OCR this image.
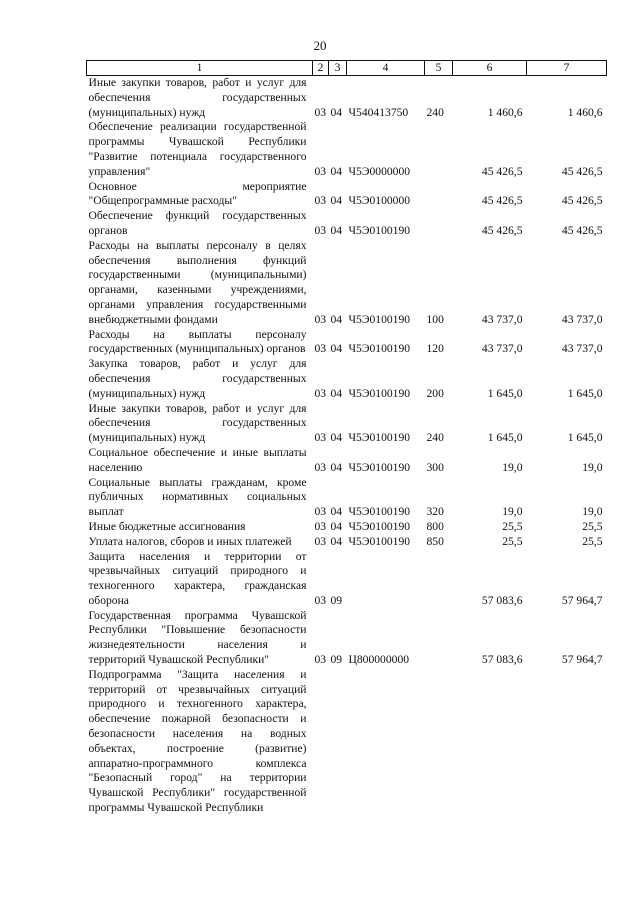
20
1	2	3	4	5	6	7
Иные закупки товаров, работ и услуг для обеспечения государственных (муниципальных) нужд	03	04	Ч540413750	240	1 460,6	1 460,6
Обеспечение реализации государственной программы Чувашской Республики "Развитие потенциала государственного управления"	03	04	Ч5Э0000000		45 426,5	45 426,5
Основное мероприятие "Общепрограммные расходы"	03	04	Ч5Э0100000		45 426,5	45 426,5
Обеспечение функций государственных органов	03	04	Ч5Э0100190		45 426,5	45 426,5
Расходы на выплаты персоналу в целях обеспечения выполнения функций государственными (муниципальными) органами, казенными учреждениями, органами управления государственными внебюджетными фондами	03	04	Ч5Э0100190	100	43 737,0	43 737,0
Расходы на выплаты персоналу государственных (муниципальных) органов	03	04	Ч5Э0100190	120	43 737,0	43 737,0
Закупка товаров, работ и услуг для обеспечения государственных (муниципальных) нужд	03	04	Ч5Э0100190	200	1 645,0	1 645,0
Иные закупки товаров, работ и услуг для обеспечения государственных (муниципальных) нужд	03	04	Ч5Э0100190	240	1 645,0	1 645,0
Социальное обеспечение и иные выплаты населению	03	04	Ч5Э0100190	300	19,0	19,0
Социальные выплаты гражданам, кроме публичных нормативных социальных выплат	03	04	Ч5Э0100190	320	19,0	19,0
Иные бюджетные ассигнования	03	04	Ч5Э0100190	800	25,5	25,5
Уплата налогов, сборов и иных платежей	03	04	Ч5Э0100190	850	25,5	25,5
Защита населения и территории от чрезвычайных ситуаций природного и техногенного характера, гражданская оборона	03	09			57 083,6	57 964,7
Государственная программа Чувашской Республики "Повышение безопасности жизнедеятельности населения и территорий Чувашской Республики"	03	09	Ц800000000		57 083,6	57 964,7
Подпрограмма "Защита населения и территорий от чрезвычайных ситуаций природного и техногенного характера, обеспечение пожарной безопасности и безопасности населения на водных объектах, построение (развитие) аппаратно-программного комплекса "Безопасный город" на территории Чувашской Республики" государственной программы Чувашской Республики						
